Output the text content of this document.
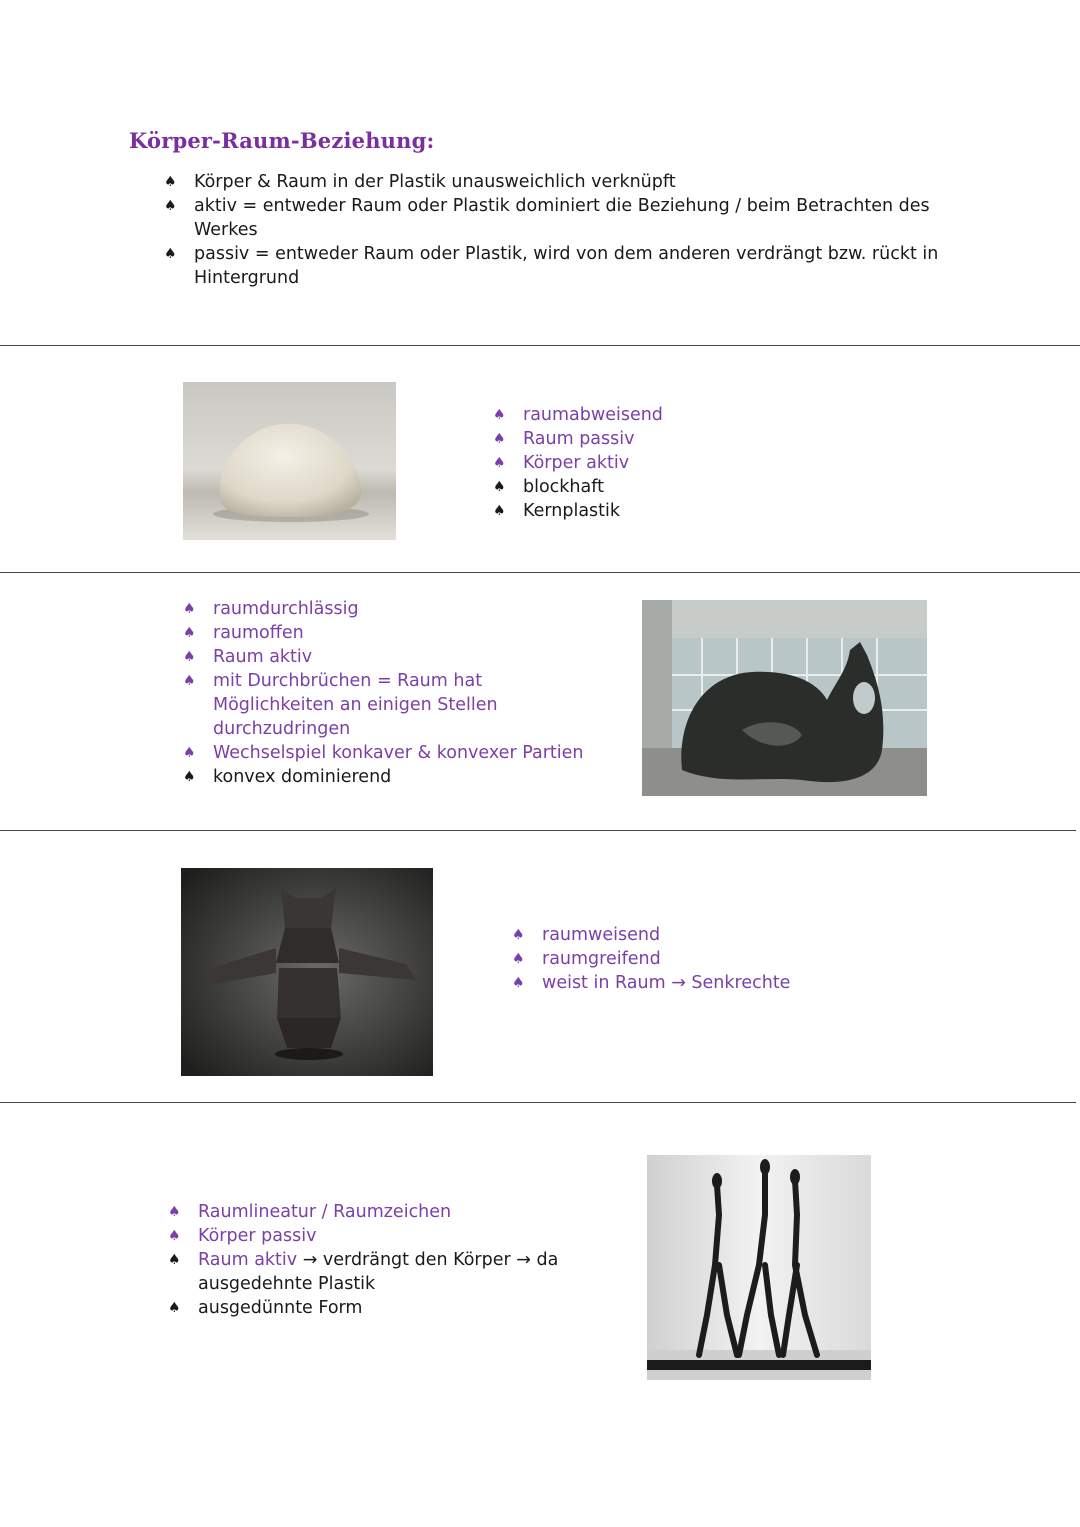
Körper-Raum-Beziehung:
♠ Körper & Raum in der Plastik unausweichlich verknüpft
♠ aktiv = entweder Raum oder Plastik dominiert die Beziehung / beim Betrachten des Werkes
♠ passiv = entweder Raum oder Plastik, wird von dem anderen verdrängt bzw. rückt in Hintergrund
♠ raumabweisend
♠ Raum passiv
♠ Körper aktiv
♠ blockhaft
♠ Kernplastik
♠ raumdurchlässig
♠ raumoffen
♠ Raum aktiv
♠ mit Durchbrüchen = Raum hat Möglichkeiten an einigen Stellen durchzudringen
♠ Wechselspiel konkaver & konvexer Partien
♠ konvex dominierend
♠ raumweisend
♠ raumgreifend
♠ weist in Raum → Senkrechte
♠ Raumlineatur / Raumzeichen
♠ Körper passiv
♠ Raum aktiv → verdrängt den Körper → da ausgedehnte Plastik
♠ ausgedünnte Form
